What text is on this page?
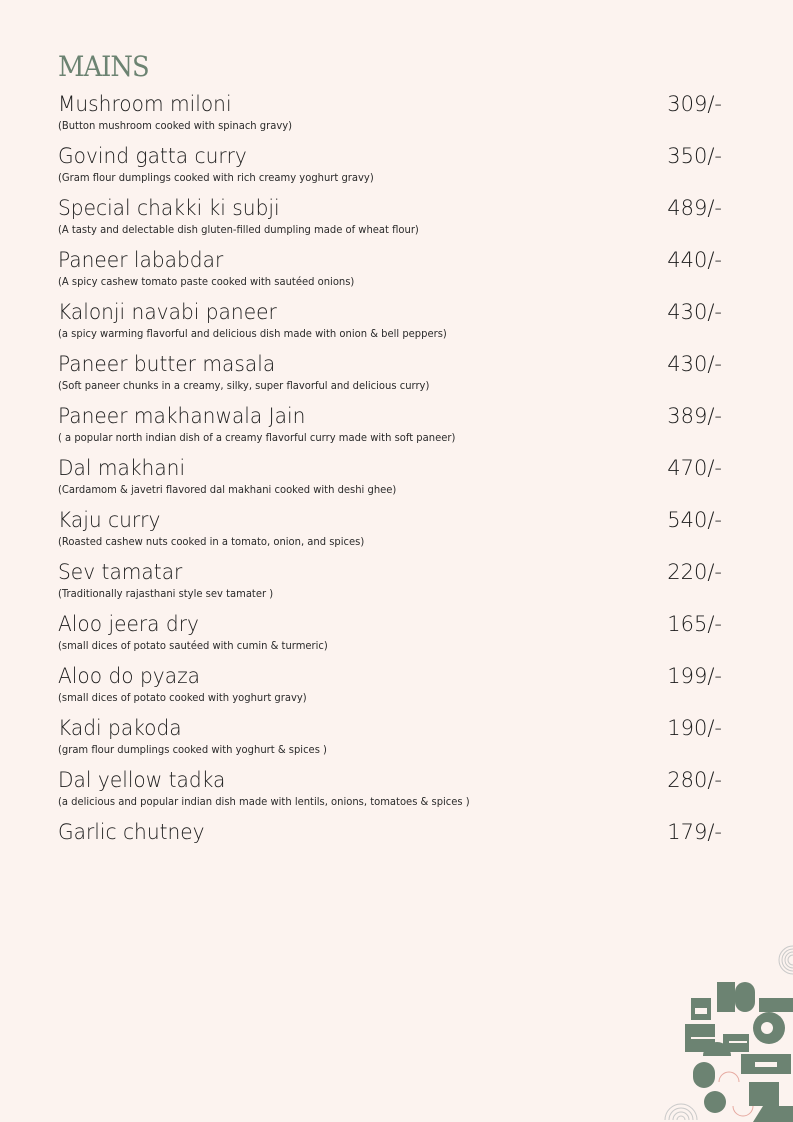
MAINS
Mushroom miloni
(Button mushroom cooked with spinach gravy)
309/-
Govind gatta curry
(Gram flour dumplings cooked with rich creamy yoghurt gravy)
350/-
Special chakki ki subji
(A tasty and delectable dish gluten-filled dumpling made of wheat flour)
489/-
Paneer lababdar
(A spicy cashew tomato paste cooked with sautéed onions)
440/-
Kalonji navabi paneer
(a spicy warming flavorful and delicious dish made with onion & bell peppers)
430/-
Paneer butter masala
(Soft paneer chunks in a creamy, silky, super flavorful and delicious curry)
430/-
Paneer makhanwala Jain
( a popular north indian dish of a creamy flavorful curry made with soft paneer)
389/-
Dal makhani
(Cardamom & javetri flavored dal makhani cooked with deshi ghee)
470/-
Kaju curry
(Roasted cashew nuts cooked in a tomato, onion, and spices)
540/-
Sev tamatar
(Traditionally rajasthani style sev tamater )
220/-
Aloo jeera dry
(small dices of potato sautéed with cumin & turmeric)
165/-
Aloo do pyaza
(small dices of potato cooked with yoghurt gravy)
199/-
Kadi pakoda
(gram flour dumplings cooked with yoghurt & spices )
190/-
Dal yellow tadka
(a delicious and popular indian dish made with lentils, onions, tomatoes & spices )
280/-
Garlic chutney	179/-
